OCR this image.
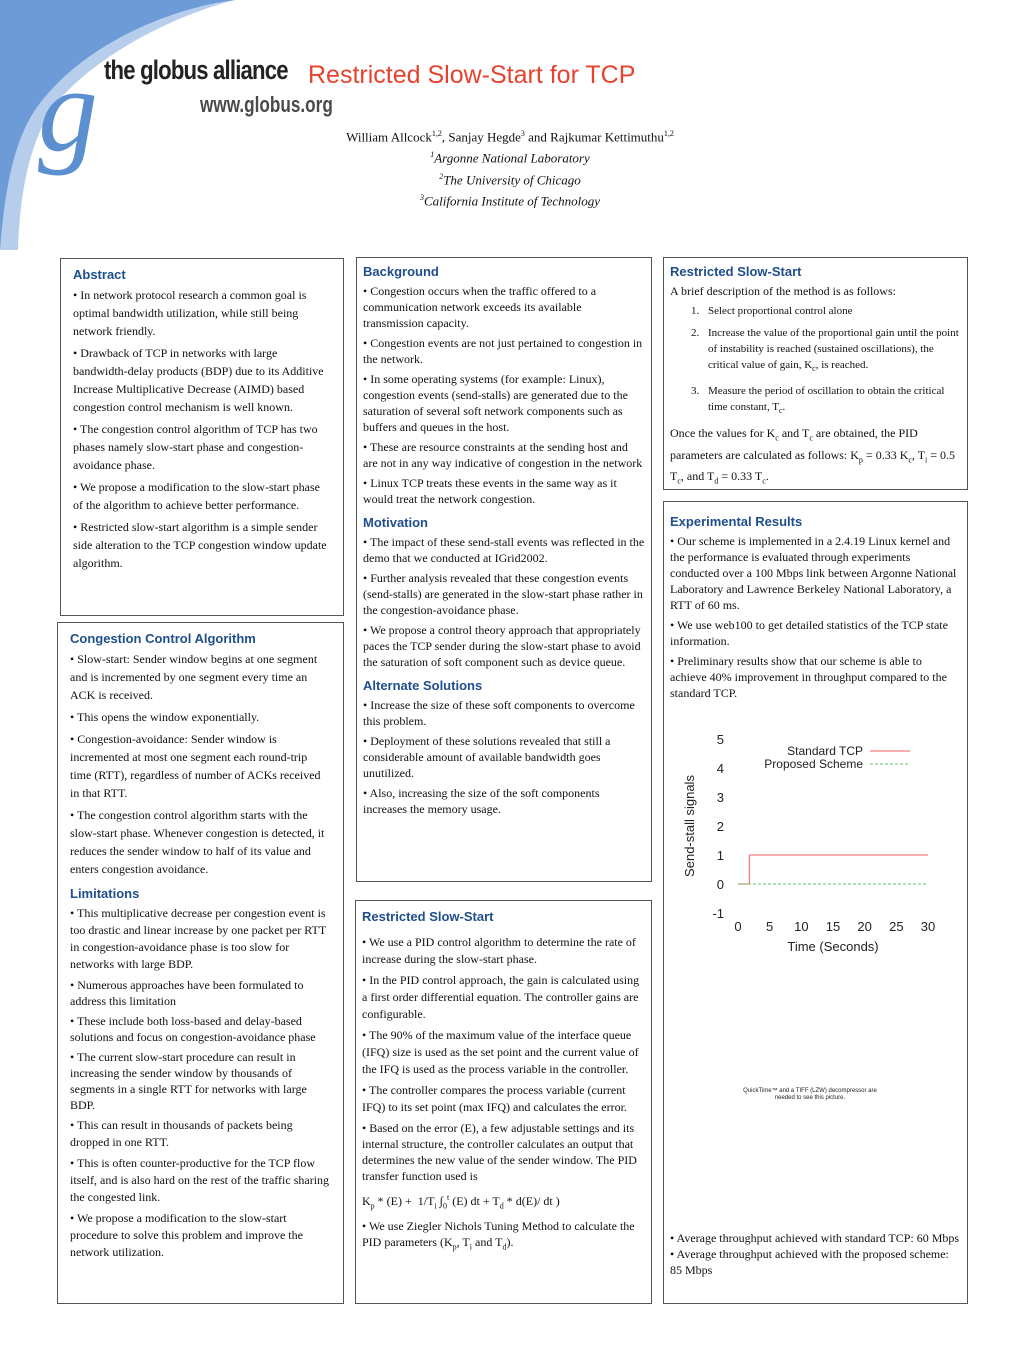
g the globus alliance
www.globus.org
Restricted Slow-Start for TCP
William Allcock$^{1,2}$, Sanjay Hegde$^3$ and Rajkumar Kettimuthu$^{1,2}$
$^1$Argonne National Laboratory
$^2$The University of Chicago
$^3$California Institute of Technology
Abstract

• In network protocol research a common goal is optimal bandwidth utilization, while still being network friendly.

• Drawback of TCP in networks with large bandwidth-delay products (BDP) due to its Additive Increase Multiplicative Decrease (AIMD) based congestion control mechanism is well known.

• The congestion control algorithm of TCP has two phases namely slow-start phase and congestion-avoidance phase.

• We propose a modification to the slow-start phase of the algorithm to achieve better performance.

• Restricted slow-start algorithm is a simple sender side alteration to the TCP congestion window update algorithm.

Congestion Control Algorithm

• Slow-start: Sender window begins at one segment and is incremented by one segment every time an ACK is received.

• This opens the window exponentially.

• Congestion-avoidance: Sender window is incremented at most one segment each round-trip time (RTT), regardless of number of ACKs received in that RTT.

• The congestion control algorithm starts with the slow-start phase. Whenever congestion is detected, it reduces the sender window to half of its value and enters congestion avoidance.

Limitations

• This multiplicative decrease per congestion event is too drastic and linear increase by one packet per RTT in congestion-avoidance phase is too slow for networks with large BDP.

• Numerous approaches have been formulated to address this limitation

• These include both loss-based and delay-based solutions and focus on congestion-avoidance phase

• The current slow-start procedure can result in increasing the sender window by thousands of segments in a single RTT for networks with large BDP.

• This can result in thousands of packets being dropped in one RTT.

• This is often counter-productive for the TCP flow itself, and is also hard on the rest of the traffic sharing the congested link.

• We propose a modification to the slow-start procedure to solve this problem and improve the network utilization.

Background

• Congestion occurs when the traffic offered to a communication network exceeds its available transmission capacity.

• Congestion events are not just pertained to congestion in the network.

• In some operating systems (for example: Linux), congestion events (send-stalls) are generated due to the saturation of several soft network components such as buffers and queues in the host.

• These are resource constraints at the sending host and are not in any way indicative of congestion in the network

• Linux TCP treats these events in the same way as it would treat the network congestion.

Motivation

• The impact of these send-stall events was reflected in the demo that we conducted at IGrid2002.

• Further analysis revealed that these congestion events (send-stalls) are generated in the slow-start phase rather in the congestion-avoidance phase.

• We propose a control theory approach that appropriately paces the TCP sender during the slow-start phase to avoid the saturation of soft component such as device queue.

Alternate Solutions

• Increase the size of these soft components to overcome this problem.

• Deployment of these solutions revealed that still a considerable amount of available bandwidth goes unutilized.

• Also, increasing the size of the soft components increases the memory usage.

Restricted Slow-Start

• We use a PID control algorithm to determine the rate of increase during the slow-start phase.

• In the PID control approach, the gain is calculated using a first order differential equation. The controller gains are configurable.

• The 90% of the maximum value of the interface queue (IFQ) size is used as the set point and the current value of the IFQ is used as the process variable in the controller.

• The controller compares the process variable (current IFQ) to its set point (max IFQ) and calculates the error.

• Based on the error (E), a few adjustable settings and its internal structure, the controller calculates an output that determines the new value of the sender window. The PID transfer function used is

$K_p * (E) + 1/T_i$ $\int_0^t$ (E) dt + $T_d * d(E)/$ dt )

• We use Ziegler Nichols Tuning Method to calculate the PID parameters ($K_p$, $T_i$ and $T_d$).

Restricted Slow-Start

A brief description of the method is as follows:

1. Select proportional control alone
2. Increase the value of the proportional gain until the point of instability is reached (sustained oscillations), the critical value of gain, $K_c$, is reached.
3. Measure the period of oscillation to obtain the critical time constant, $T_c$.

Once the values for $K_c$ and $T_c$ are obtained, the PID parameters are calculated as follows: $K_p = 0.33$ $K_c$, $T_i = 0.5$ $T_c$, and $T_d = 0.33$ $T_c$.

Experimental Results

• Our scheme is implemented in a 2.4.19 Linux kernel and the performance is evaluated through experiments conducted over a 100 Mbps link between Argonne National Laboratory and Lawrence Berkeley National Laboratory, a RTT of 60 ms.

• We use web100 to get detailed statistics of the TCP state information.

• Preliminary results show that our scheme is able to achieve 40% improvement in throughput compared to the standard TCP.

• Average throughput achieved with standard TCP: 60 Mbps

• Average throughput achieved with the proposed scheme: 85 Mbps

-1
0
1
2
3
4
5
0 5 10 15 20 25 30
Time (Seconds)
Send-stall signals
Standard TCP
Proposed Scheme
QuickTime™ and a TIFF (LZW) decompressor are needed to see this picture.
